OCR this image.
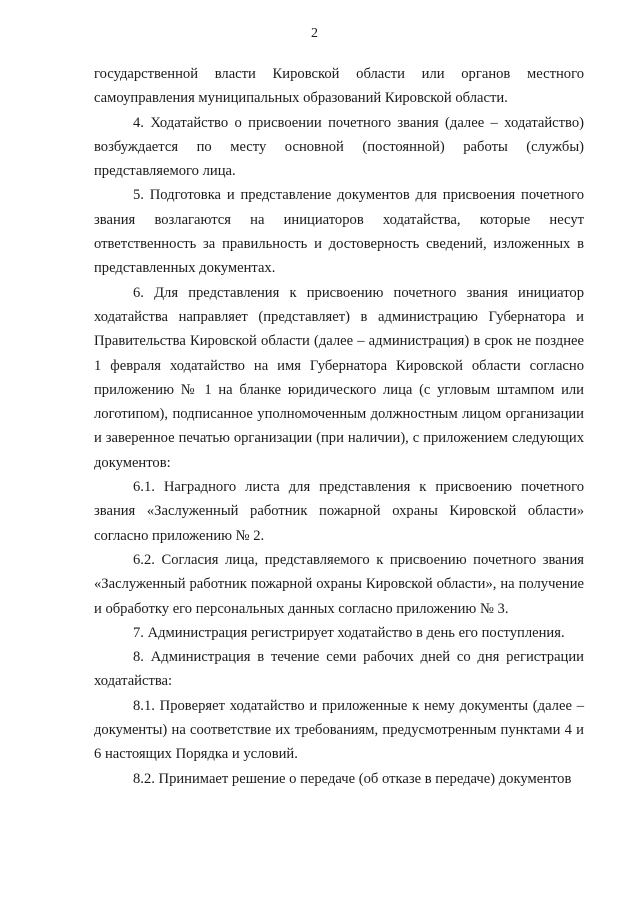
2

государственной власти Кировской области или органов местного самоуправления муниципальных образований Кировской области.

4. Ходатайство о присвоении почетного звания (далее – ходатайство) возбуждается по месту основной (постоянной) работы (службы) представляемого лица.

5. Подготовка и представление документов для присвоения почетного звания возлагаются на инициаторов ходатайства, которые несут ответственность за правильность и достоверность сведений, изложенных в представленных документах.

6. Для представления к присвоению почетного звания инициатор ходатайства направляет (представляет) в администрацию Губернатора и Правительства Кировской области (далее – администрация) в срок не позднее 1 февраля ходатайство на имя Губернатора Кировской области согласно приложению № 1 на бланке юридического лица (с угловым штампом или логотипом), подписанное уполномоченным должностным лицом организации и заверенное печатью организации (при наличии), с приложением следующих документов:

6.1. Наградного листа для представления к присвоению почетного звания «Заслуженный работник пожарной охраны Кировской области» согласно приложению № 2.

6.2. Согласия лица, представляемого к присвоению почетного звания «Заслуженный работник пожарной охраны Кировской области», на получение и обработку его персональных данных согласно приложению № 3.

7. Администрация регистрирует ходатайство в день его поступления.

8. Администрация в течение семи рабочих дней со дня регистрации ходатайства:

8.1. Проверяет ходатайство и приложенные к нему документы (далее – документы) на соответствие их требованиям, предусмотренным пунктами 4 и 6 настоящих Порядка и условий.

8.2. Принимает решение о передаче (об отказе в передаче) документов
